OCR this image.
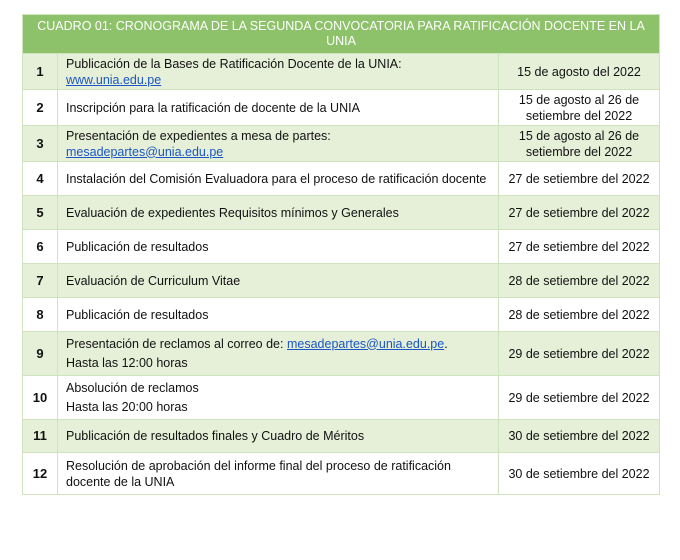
CUADRO 01: CRONOGRAMA DE LA SEGUNDA CONVOCATORIA PARA RATIFICACIÓN DOCENTE EN LA UNIA		
1	Publicación de la Bases de Ratificación Docente de la UNIA:
www.unia.edu.pe	15 de agosto del 2022
2	Inscripción para la ratificación de docente de la UNIA	15 de agosto al 26 de setiembre del 2022
3	Presentación de expedientes a mesa de partes: mesadepartes@unia.edu.pe	15 de agosto al 26 de setiembre del 2022
4	Instalación del Comisión Evaluadora para el proceso de ratificación docente	27 de setiembre del 2022
5	Evaluación de expedientes Requisitos mínimos y Generales	27 de setiembre del 2022
6	Publicación de resultados	27 de setiembre del 2022
7	Evaluación de Curriculum Vitae	28 de setiembre del 2022
8	Publicación de resultados	28 de setiembre del 2022
9	Presentación de reclamos al correo de: mesadepartes@unia.edu.pe.
Hasta las 12:00 horas	29 de setiembre del 2022
10	Absolución de reclamos
Hasta las 20:00 horas	29 de setiembre del 2022
11	Publicación de resultados finales y Cuadro de Méritos	30 de setiembre del 2022
12	Resolución de aprobación del informe final del proceso de ratificación docente de la UNIA	30 de setiembre del 2022
